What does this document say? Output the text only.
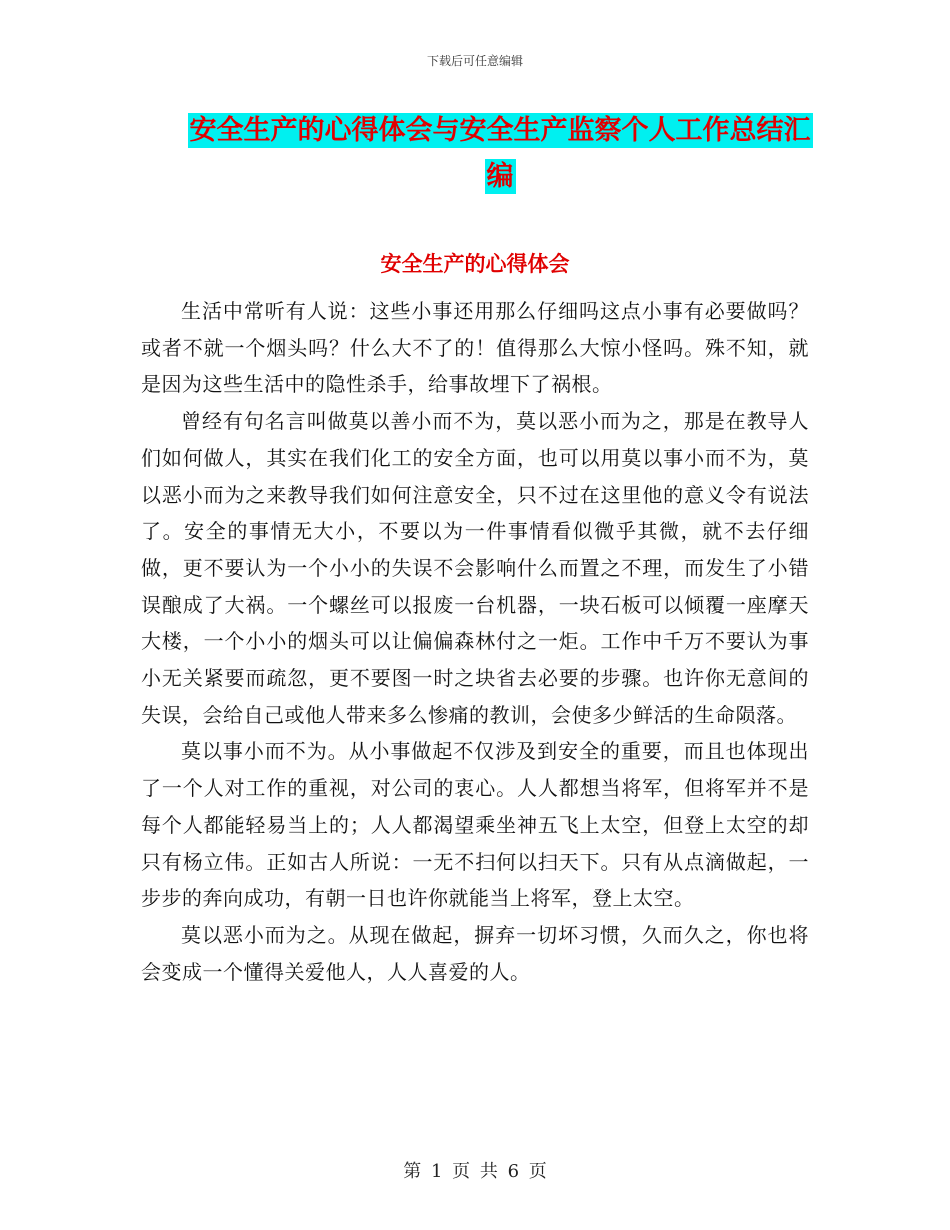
下载后可任意编辑
安全生产的心得体会与安全生产监察个人工作总结汇
编
安全生产的心得体会

生活中常听有人说：这些小事还用那么仔细吗这点小事有必要做吗？或者不就一个烟头吗？什么大不了的！值得那么大惊小怪吗。殊不知，就是因为这些生活中的隐性杀手，给事故埋下了祸根。

曾经有句名言叫做莫以善小而不为，莫以恶小而为之，那是在教导人们如何做人，其实在我们化工的安全方面，也可以用莫以事小而不为，莫以恶小而为之来教导我们如何注意安全，只不过在这里他的意义令有说法了。安全的事情无大小，不要以为一件事情看似微乎其微，就不去仔细做，更不要认为一个小小的失误不会影响什么而置之不理，而发生了小错误酿成了大祸。一个螺丝可以报废一台机器，一块石板可以倾覆一座摩天大楼，一个小小的烟头可以让偏偏森林付之一炬。工作中千万不要认为事小无关紧要而疏忽，更不要图一时之块省去必要的步骤。也许你无意间的失误，会给自己或他人带来多么惨痛的教训，会使多少鲜活的生命陨落。

莫以事小而不为。从小事做起不仅涉及到安全的重要，而且也体现出了一个人对工作的重视，对公司的衷心。人人都想当将军，但将军并不是每个人都能轻易当上的；人人都渴望乘坐神五飞上太空，但登上太空的却只有杨立伟。正如古人所说：一无不扫何以扫天下。只有从点滴做起，一步步的奔向成功，有朝一日也许你就能当上将军，登上太空。

莫以恶小而为之。从现在做起，摒弃一切坏习惯，久而久之，你也将会变成一个懂得关爱他人，人人喜爱的人。

第 1 页 共 6 页
